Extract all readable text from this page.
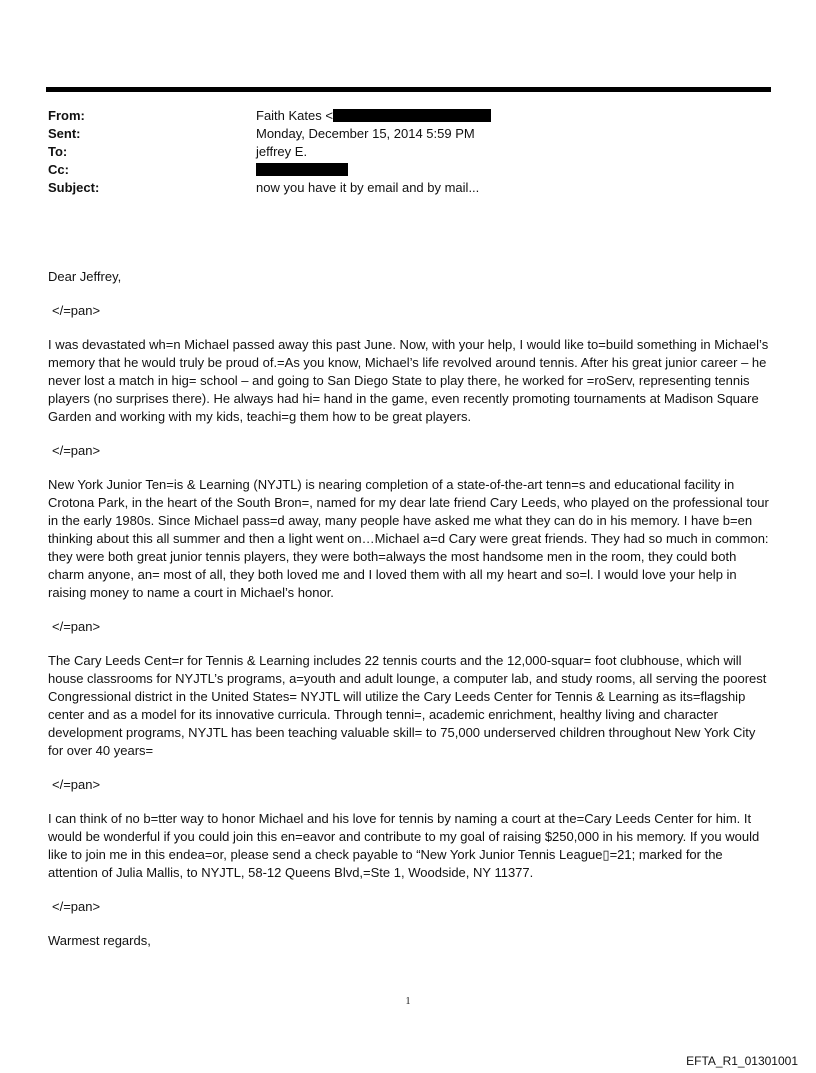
From:	Faith Kates <
Sent:	Monday, December 15, 2014 5:59 PM
To:	jeffrey E.
Cc:
Subject:	now you have it by email and by mail...

Dear Jeffrey,

</=pan>

I was devastated wh=n Michael passed away this past June. Now, with your help, I would like to=build something in Michael’s memory that he would truly be proud of.=As you know, Michael’s life revolved around tennis. After his great junior career – he never lost a match in hig= school – and going to San Diego State to play there, he worked for =roServ, representing tennis players (no surprises there). He always had hi= hand in the game, even recently promoting tournaments at Madison Square Garden and working with my kids, teachi=g them how to be great players.

</=pan>

New York Junior Ten=is & Learning (NYJTL) is nearing completion of a state-of-the-art tenn=s and educational facility in Crotona Park, in the heart of the South Bron=, named for my dear late friend Cary Leeds, who played on the professional tour in the early 1980s. Since Michael pass=d away, many people have asked me what they can do in his memory. I have b=en thinking about this all summer and then a light went on…Michael a=d Cary were great friends. They had so much in common: they were both great junior tennis players, they were both=always the most handsome men in the room, they could both charm anyone, an= most of all, they both loved me and I loved them with all my heart and so=l. I would love your help in raising money to name a court in Michael’s honor.

</=pan>

The Cary Leeds Cent=r for Tennis & Learning includes 22 tennis courts and the 12,000-squar= foot clubhouse, which will house classrooms for NYJTL’s programs, a=youth and adult lounge, a computer lab, and study rooms, all serving the poorest Congressional district in the United States= NYJTL will utilize the Cary Leeds Center for Tennis & Learning as its=flagship center and as a model for its innovative curricula. Through tenni=, academic enrichment, healthy living and character development programs, NYJTL has been teaching valuable skill= to 75,000 underserved children throughout New York City for over 40 years=

</=pan>

I can think of no b=tter way to honor Michael and his love for tennis by naming a court at the=Cary Leeds Center for him. It would be wonderful if you could join this en=eavor and contribute to my goal of raising $250,000 in his memory. If you would like to join me in this endea=or, please send a check payable to “New York Junior Tennis League▯=21; marked for the attention of Julia Mallis, to NYJTL, 58-12 Queens Blvd,=Ste 1, Woodside, NY 11377.

</=pan>

Warmest regards,

1
EFTA_R1_01301001
